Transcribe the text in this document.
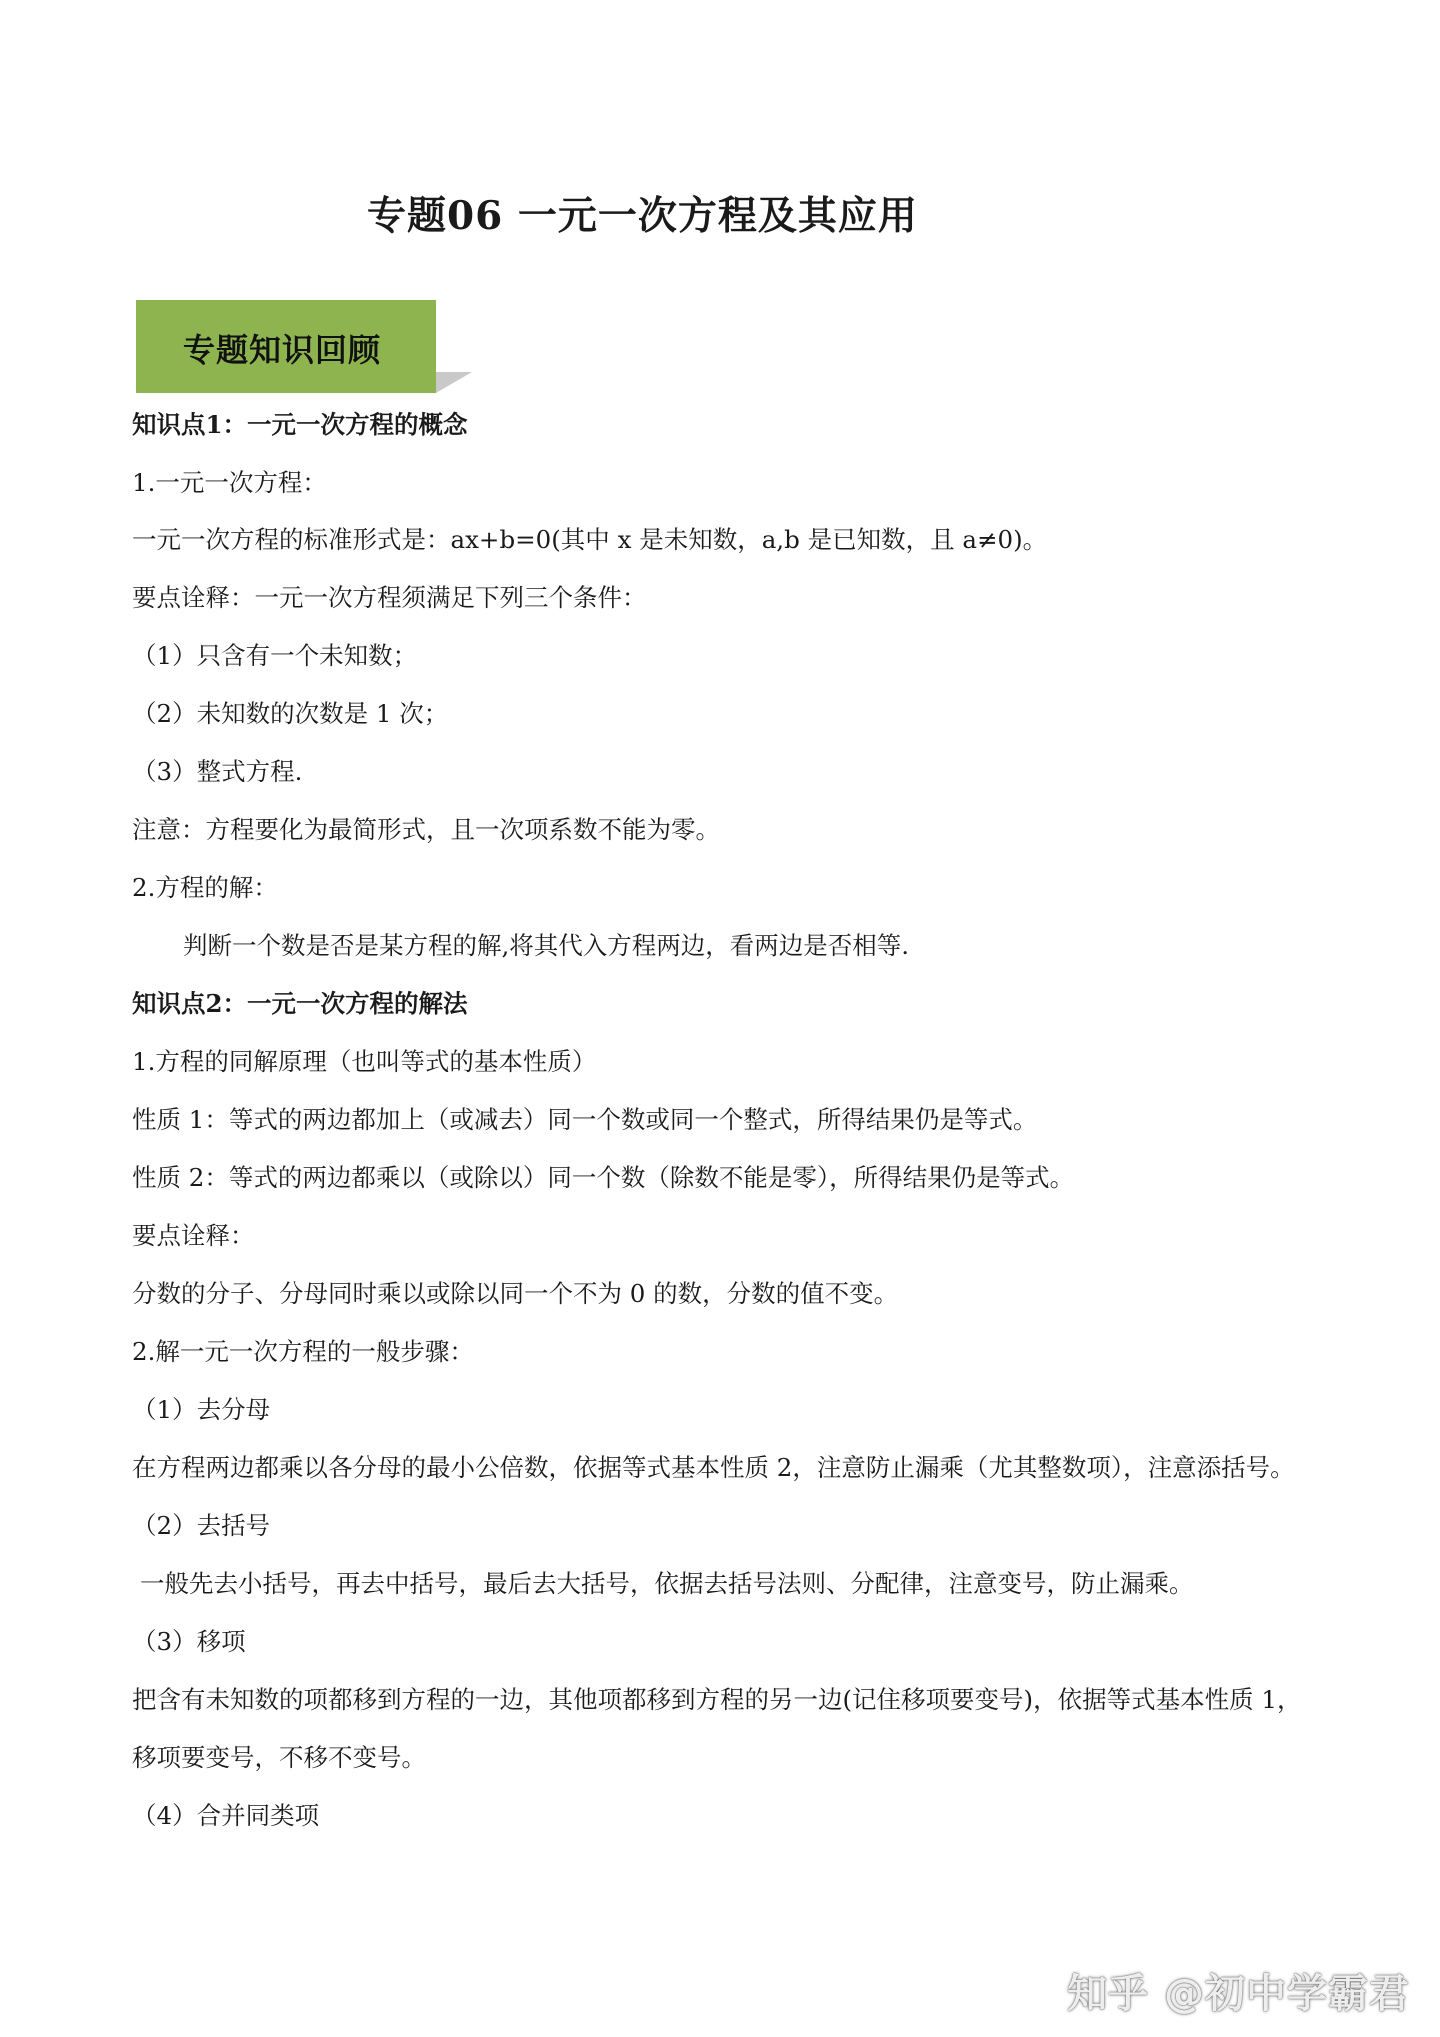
专题06 一元一次方程及其应用
专题知识回顾
知识点1：一元一次方程的概念
1.一元一次方程：
一元一次方程的标准形式是：ax+b=0(其中 x 是未知数，a,b 是已知数，且 a≠0)。
要点诠释：一元一次方程须满足下列三个条件：
（1）只含有一个未知数；
（2）未知数的次数是 1 次；
（3）整式方程.
注意：方程要化为最简形式，且一次项系数不能为零。
2.方程的解：
判断一个数是否是某方程的解,将其代入方程两边，看两边是否相等.
知识点2：一元一次方程的解法
1.方程的同解原理（也叫等式的基本性质）
性质 1：等式的两边都加上（或减去）同一个数或同一个整式，所得结果仍是等式。
性质 2：等式的两边都乘以（或除以）同一个数（除数不能是零），所得结果仍是等式。
要点诠释：
分数的分子、分母同时乘以或除以同一个不为 0 的数，分数的值不变。
2.解一元一次方程的一般步骤：
（1）去分母
在方程两边都乘以各分母的最小公倍数，依据等式基本性质 2，注意防止漏乘（尤其整数项），注意添括号。
（2）去括号
一般先去小括号，再去中括号，最后去大括号，依据去括号法则、分配律，注意变号，防止漏乘。
（3）移项
把含有未知数的项都移到方程的一边，其他项都移到方程的另一边(记住移项要变号)，依据等式基本性质 1，
移项要变号，不移不变号。
（4）合并同类项
知乎 @初中学霸君
